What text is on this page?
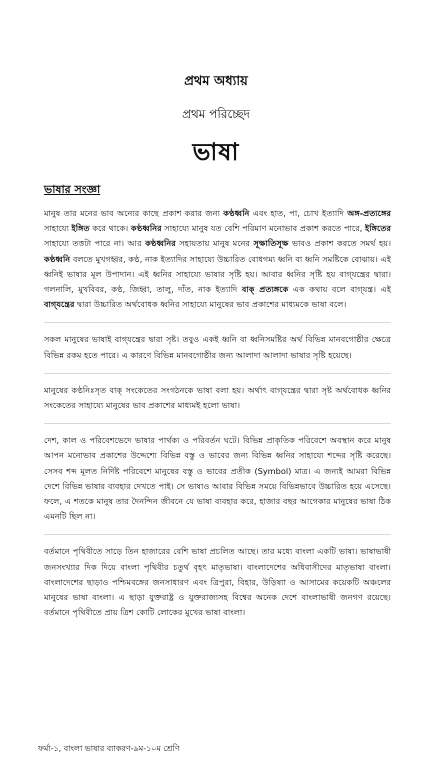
প্রথম অধ্যায়
প্রথম পরিচ্ছেদ
ভাষা
ভাষার সংজ্ঞা

মানুষ তার মনের ভাব অন্যের কাছে প্রকাশ করার জন্য কণ্ঠধ্বনি এবং হাত, পা, চোখ ইত্যাদি অঙ্গ-প্রত্যঙ্গের সাহায্যে ইঙ্গিত করে থাকে। কণ্ঠধ্বনির সাহায্যে মানুষ যত বেশি পরিমাণ মনোভাব প্রকাশ করতে পারে, ইঙ্গিতের সাহায্যে তত্তটা পারে না। আর কণ্ঠধ্বনির সহায়তায় মানুষ মনের সূক্ষাতিসূক্ষ ভাবও প্রকাশ করতে সমর্থ হয়। কণ্ঠধ্বনি বলতে মুখগহ্বর, কণ্ঠ, নাক ইত্যাদির সাহায্যে উচ্চারিত বোধগম্য ধ্বনি বা ধ্বনি সমষ্টিকে বোঝায়। এই ধ্বনিই ভাষার মূল উপাদান। এই ধ্বনির সাহায্যে ভাষার সৃষ্টি হয়। আবার ধ্বনির সৃষ্টি হয় বাগ্‌যন্ত্রের দ্বারা। গলনালি, মুখবিবর, কণ্ঠ, জিহ্বা, তালু, দাঁত, নাক ইত্যাদি বাক্ প্রত্যঙ্গকে এক কথায় বলে বাগ্‌যন্ত্র। এই বাগ্‌যন্ত্রের দ্বারা উচ্চারিত অর্থবোধক ধ্বনির সাহায্যে মানুষের ভাব প্রকাশের মাধ্যমকে ভাষা বলে।

সকল মানুষের ভাষাই বাগ্‌যন্ত্রের দ্বারা সৃষ্ট। তবুও একই ধ্বনি বা ধ্বনিসমষ্টির অর্থ বিভিন্ন মানবগোষ্ঠীর ক্ষেত্রে বিভিন্ন রকম হতে পারে। এ কারণে বিভিন্ন মানবগোষ্ঠীর জন্য আলাদা আলাদা ভাষার সৃষ্টি হয়েছে।

মানুষের কণ্ঠনিঃসৃত বাক্ সংকেতের সংগঠনকে ভাষা বলা হয়। অর্থাৎ বাগ্‌যন্ত্রের দ্বারা সৃষ্ট অর্থবোধক ধ্বনির সংকেতের সাহায্যে মানুষের ভাব প্রকাশের মাধ্যমই হলো ভাষা।

দেশ, কাল ও পরিবেশভেদে ভাষার পার্থক্য ও পরিবর্তন ঘটে। বিভিন্ন প্রাকৃতিক পরিবেশে অবস্থান করে মানুষ আপন মনোভাব প্রকাশের উদ্দেশ্যে বিভিন্ন বস্তু ও ভাবের জন্য বিভিন্ন ধ্বনির সাহায্যে শব্দের সৃষ্টি করেছে। সেসব শব্দ মূলত নির্দিষ্ট পরিবেশে মানুষের বস্তু ও ভাবের প্রতীক (Symbol) মাত্র। এ জন্যই আমরা বিভিন্ন দেশে বিভিন্ন ভাষার ব্যবহার দেখতে পাই। সে ভাষাও আবার বিভিন্ন সময়ে বিভিন্নভাবে উচ্চারিত হয়ে এসেছে। ফলে, এ শতকে মানুষ তার দৈনন্দিন জীবনে যে ভাষা ব্যবহার করে, হাজার বছর আগেকার মানুষের ভাষা ঠিক এমনটি ছিল না।

বর্তমানে পৃথিবীতে সাড়ে তিন হাজারের বেশি ভাষা প্রচলিত আছে। তার মধ্যে বাংলা একটি ভাষা। ভাষাভাষী জনসংখ্যার দিক দিয়ে বাংলা পৃথিবীর চতুর্থ বৃহৎ মাতৃভাষা। বাংলাদেশের অধিবাসীদের মাতৃভাষা বাংলা। বাংলাদেশের ছাড়াও পশ্চিমবঙ্গের জনসাধারণ এবং ত্রিপুরা, বিহার, উড়িষ্যা ও আসামের কয়েকটি অঞ্চলের মানুষের ভাষা বাংলা। এ ছাড়া যুক্তরাষ্ট্র ও যুক্তরাজ্যসহ বিশ্বের অনেক দেশে বাংলাভাষী জনগণ রয়েছে। বর্তমানে পৃথিবীতে প্রায় ত্রিশ কোটি লোকের মুখের ভাষা বাংলা।

ফর্মা-১, বাংলা ভাষার ব্যাকরণ-৯ম-১০ম শ্রেণি
